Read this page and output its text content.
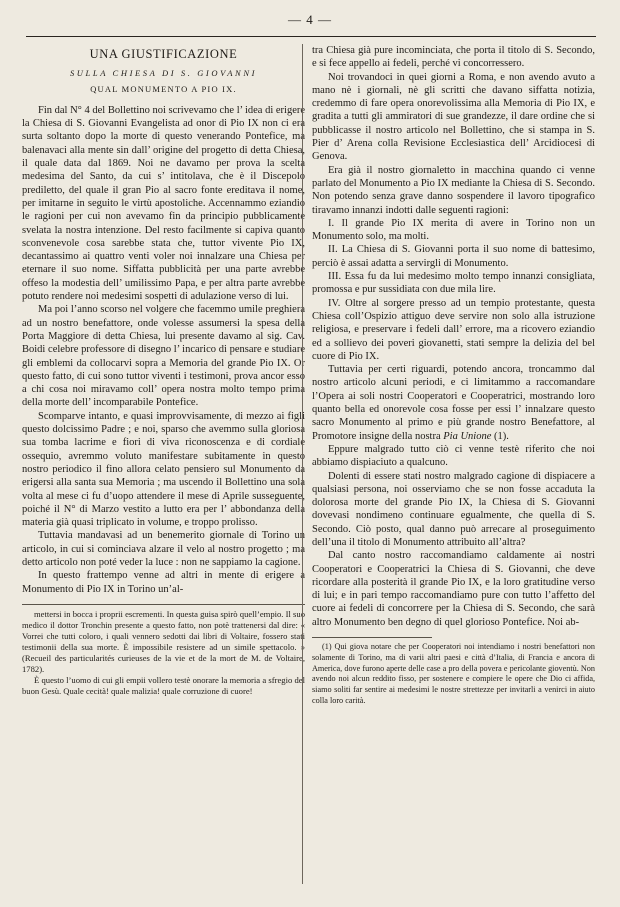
— 4 —
UNA GIUSTIFICAZIONE
SULLA CHIESA DI S. GIOVANNI
QUAL MONUMENTO A PIO IX.

Fin dal N° 4 del Bollettino noi scrivevamo che l’ idea di erigere la Chiesa di S. Giovanni Evangelista ad onor di Pio IX non ci era surta soltanto dopo la morte di questo venerando Pontefice, ma balenavaci alla mente sin dall’ origine del progetto di detta Chiesa, il quale data dal 1869. Noi ne davamo per prova la scelta medesima del Santo, da cui s’ intitolava, che è il Discepolo prediletto, del quale il gran Pio al sacro fonte ereditava il nome, per imitarne in seguito le virtù apostoliche. Accennammo eziandio le ragioni per cui non avevamo fin da principio pubblicamente svelata la nostra intenzione. Del resto facilmente si capiva quanto sconvenevole cosa sarebbe stata che, tuttor vivente Pio IX, decantassimo ai quattro venti voler noi innalzare una Chiesa per eternare il suo nome. Siffatta pubblicità per una parte avrebbe offeso la modestia dell’ umilissimo Papa, e per altra parte avrebbe potuto rendere noi medesimi sospetti di adulazione verso di lui.

Ma poi l’anno scorso nel volgere che facemmo umile preghiera ad un nostro benefattore, onde volesse assumersi la spesa della Porta Maggiore di detta Chiesa, lui presente davamo al sig. Cav. Boidi celebre professore di disegno l’ incarico di pensare e studiare gli emblemi da collocarvi sopra a Memoria del grande Pio IX. Or questo fatto, di cui sono tuttor viventi i testimoni, prova ancor esso a chi cosa noi miravamo coll’ opera nostra molto tempo prima della morte dell’ incomparabile Pontefice.

Scomparve intanto, e quasi improvvisamente, di mezzo ai figli questo dolcissimo Padre ; e noi, sparso che avemmo sulla gloriosa sua tomba lacrime e fiori di viva riconoscenza e di cordiale ossequio, avremmo voluto manifestare subitamente in questo nostro periodico il fino allora celato pensiero sul Monumento da erigersi alla santa sua Memoria ; ma uscendo il Bollettino una sola volta al mese ci fu d’uopo attendere il mese di Aprile susseguente, poiché il N° di Marzo vestito a lutto era per l’ abbondanza della materia già quasi triplicato in volume, e troppo prolisso.

Tuttavia mandavasi ad un benemerito giornale di Torino un articolo, in cui si cominciava alzare il velo al nostro progetto ; ma detto articolo non poté veder la luce : non ne sappiamo la cagione.

In questo frattempo venne ad altri in mente di erigere a Monumento di Pio IX in Torino un’al-

mettersi in bocca i proprii escrementi. In questa guisa spirò quell’empio. Il suo medico il dottor Tronchin presente a questo fatto, non potè trattenersi dal dire: « Vorrei che tutti coloro, i quali vennero sedotti dai libri di Voltaire, fossero stati testimonii della sua morte. È impossibile resistere ad un simile spettacolo. » (Recueil des particularités curieuses de la vie et de la mort de M. de Voltaire, 1782).

È questo l’uomo di cui gli empii vollero testè onorare la memoria a sfregio del buon Gesù. Quale cecità! quale malizia! quale corruzione di cuore!

tra Chiesa già pure incominciata, che porta il titolo di S. Secondo, e si fece appello ai fedeli, perché vi concorressero.

Noi trovandoci in quei giorni a Roma, e non avendo avuto a mano nè i giornali, nè gli scritti che davano siffatta notizia, credemmo di fare opera onorevolissima alla Memoria di Pio IX, e gradita a tutti gli ammiratori di sue grandezze, il dare ordine che si pubblicasse il nostro articolo nel Bollettino, che si stampa in S. Pier d’ Arena colla Revisione Ecclesiastica dell’ Arcidiocesi di Genova.

Era già il nostro giornaletto in macchina quando ci venne parlato del Monumento a Pio IX mediante la Chiesa di S. Secondo. Non potendo senza grave danno sospendere il lavoro tipografico tiravamo innanzi indotti dalle seguenti ragioni:

I. Il grande Pio IX merita di avere in Torino non un Monumento solo, ma molti.

II. La Chiesa di S. Giovanni porta il suo nome di battesimo, perciò è assai adatta a servirgli di Monumento.

III. Essa fu da lui medesimo molto tempo innanzi consigliata, promossa e pur sussidiata con due mila lire.

IV. Oltre al sorgere presso ad un tempio protestante, questa Chiesa coll’Ospizio attiguo deve servire non solo alla istruzione religiosa, e preservare i fedeli dall’ errore, ma a ricovero eziandio ed a sollievo dei poveri giovanetti, stati sempre la delizia del bel cuore di Pio IX.

Tuttavia per certi riguardi, potendo ancora, troncammo dal nostro articolo alcuni periodi, e ci limitammo a raccomandare l’Opera ai soli nostri Cooperatori e Cooperatrici, mostrando loro quanto bella ed onorevole cosa fosse per essi l’ innalzare questo sacro Monumento al primo e più grande nostro Benefattore, al Promotore insigne della nostra Pia Unione (1).

Eppure malgrado tutto ciò ci venne testè riferito che noi abbiamo dispiaciuto a qualcuno.

Dolenti di essere stati nostro malgrado cagione di dispiacere a qualsiasi persona, noi osserviamo che se non fosse accaduta la dolorosa morte del grande Pio IX, la Chiesa di S. Giovanni dovevasi nondimeno continuare egualmente, che quella di S. Secondo. Ciò posto, qual danno può arrecare al proseguimento dell’una il titolo di Monumento attribuito all’altra?

Dal canto nostro raccomandiamo caldamente ai nostri Cooperatori e Cooperatrici la Chiesa di S. Giovanni, che deve ricordare alla posterità il grande Pio IX, e la loro gratitudine verso di lui; e in pari tempo raccomandiamo pure con tutto l’affetto del cuore ai fedeli di concorrere per la Chiesa di S. Secondo, che sarà altro Monumento ben degno di quel glorioso Pontefice. Noi ab-

(1) Qui giova notare che per Cooperatori noi intendiamo i nostri benefattori non solamente di Torino, ma di varii altri paesi e città d’Italia, di Francia e ancora di America, dove furono aperte delle case a pro della povera e pericolante gioventù. Non avendo noi alcun reddito fisso, per sostenere e compiere le opere che Dio ci affida, siamo soliti far sentire ai medesimi le nostre strettezze per invitarli a venirci in aiuto colla loro carità.
